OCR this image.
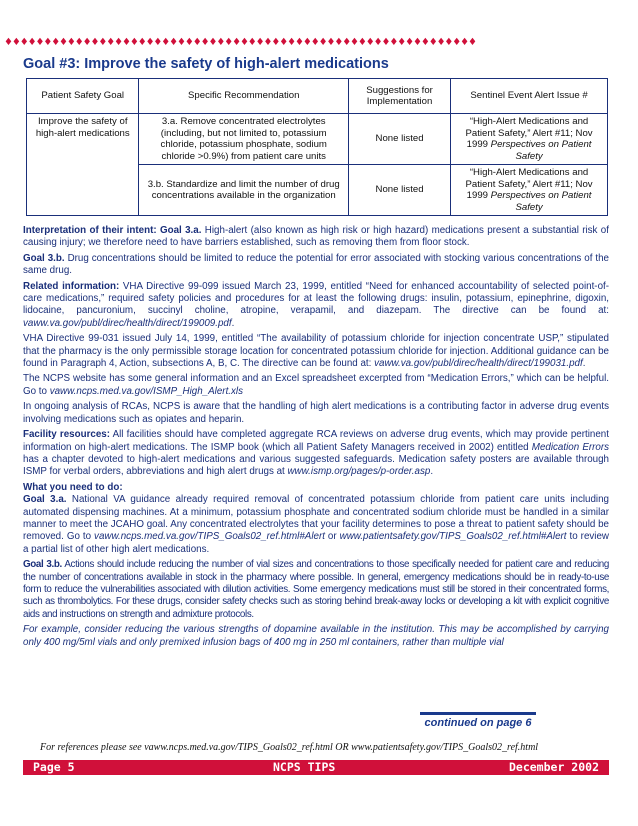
♦♦♦♦♦♦♦♦♦♦♦♦♦♦♦♦♦♦♦♦♦♦♦♦♦♦♦♦♦♦♦♦♦♦♦♦♦♦♦♦♦♦♦♦♦♦♦♦♦♦♦♦♦♦♦♦♦♦♦♦
Goal #3: Improve the safety of high-alert medications
Patient Safety Goal	Specific Recommendation	Suggestions for Implementation	Sentinel Event Alert Issue #
Improve the safety of high-alert medications	3.a. Remove concentrated electrolytes (including, but not limited to, potassium chloride, potassium phosphate, sodium chloride >0.9%) from patient care units	None listed	“High-Alert Medications and Patient Safety,” Alert #11; Nov 1999 Perspectives on Patient Safety
	3.b. Standardize and limit the number of drug concentrations available in the organization	None listed	“High-Alert Medications and Patient Safety,” Alert #11; Nov 1999 Perspectives on Patient Safety

Interpretation of their intent: Goal 3.a. High-alert (also known as high risk or high hazard) medications present a substantial risk of causing injury; we therefore need to have barriers established, such as removing them from floor stock.

Goal 3.b. Drug concentrations should be limited to reduce the potential for error associated with stocking various concentrations of the same drug.

Related information: VHA Directive 99-099 issued March 23, 1999, entitled “Need for enhanced accountability of selected point-of-care medications,” required safety policies and procedures for at least the following drugs: insulin, potassium, epinephrine, digoxin, lidocaine, pancuronium, succinyl choline, atropine, verapamil, and diazepam. The directive can be found at: vaww.va.gov/publ/direc/health/direct/199009.pdf.

VHA Directive 99-031 issued July 14, 1999, entitled “The availability of potassium chloride for injection concentrate USP,” stipulated that the pharmacy is the only permissible storage location for concentrated potassium chloride for injection. Additional guidance can be found in Paragraph 4, Action, subsections A, B, C. The directive can be found at: vaww.va.gov/publ/direc/health/direct/199031.pdf.

The NCPS website has some general information and an Excel spreadsheet excerpted from “Medication Errors,” which can be helpful. Go to vaww.ncps.med.va.gov/ISMP_High_Alert.xls

In ongoing analysis of RCAs, NCPS is aware that the handling of high alert medications is a contributing factor in adverse drug events involving medications such as opiates and heparin.

Facility resources: All facilities should have completed aggregate RCA reviews on adverse drug events, which may provide pertinent information on high-alert medications. The ISMP book (which all Patient Safety Managers received in 2002) entitled Medication Errors has a chapter devoted to high-alert medications and various suggested safeguards. Medication safety posters are available through ISMP for verbal orders, abbreviations and high alert drugs at www.ismp.org/pages/p-order.asp.

What you need to do:

Goal 3.a. National VA guidance already required removal of concentrated potassium chloride from patient care units including automated dispensing machines. At a minimum, potassium phosphate and concentrated sodium chloride must be handled in a similar manner to meet the JCAHO goal. Any concentrated electrolytes that your facility determines to pose a threat to patient safety should be removed. Go to vaww.ncps.med.va.gov/TIPS_Goals02_ref.html#Alert or www.patientsafety.gov/TIPS_Goals02_ref.html#Alert to review a partial list of other high alert medications.

Goal 3.b. Actions should include reducing the number of vial sizes and concentrations to those specifically needed for patient care and reducing the number of concentrations available in stock in the pharmacy where possible. In general, emergency medications should be in ready-to-use form to reduce the vulnerabilities associated with dilution activities. Some emergency medications must still be stored in their concentrated forms, such as thrombolytics. For these drugs, consider safety checks such as storing behind break-away locks or developing a kit with explicit cognitive aids and instructions on strength and admixture protocols.

For example, consider reducing the various strengths of dopamine available in the institution. This may be accomplished by carrying only 400 mg/5ml vials and only premixed infusion bags of 400 mg in 250 ml containers, rather than multiple vial

continued on page 6
For references please see vaww.ncps.med.va.gov/TIPS_Goals02_ref.html OR www.patientsafety.gov/TIPS_Goals02_ref.html
Page 5	NCPS TIPS	December 2002
